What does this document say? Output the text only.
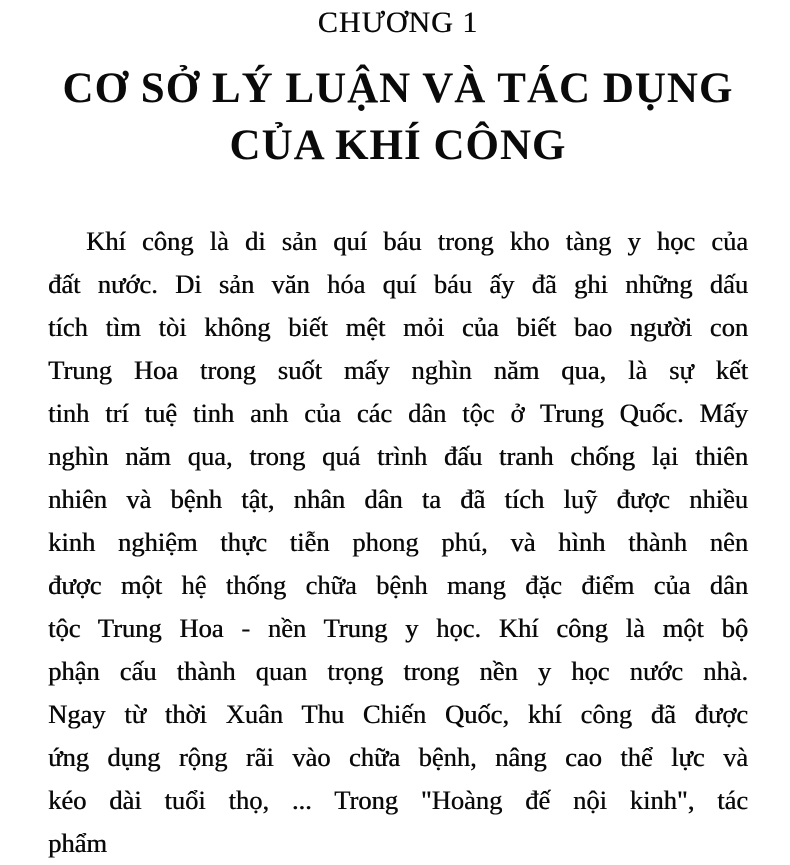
CHƯƠNG 1
CƠ SỞ LÝ LUẬN VÀ TÁC DỤNG
CỦA KHÍ CÔNG
Khí công là di sản quí báu trong kho tàng y học của
đất nước. Di sản văn hóa quí báu ấy đã ghi những dấu
tích tìm tòi không biết mệt mỏi của biết bao người con
Trung Hoa trong suốt mấy nghìn năm qua, là sự kết
tinh trí tuệ tinh anh của các dân tộc ở Trung Quốc. Mấy
nghìn năm qua, trong quá trình đấu tranh chống lại thiên
nhiên và bệnh tật, nhân dân ta đã tích luỹ được nhiều
kinh nghiệm thực tiễn phong phú, và hình thành nên
được một hệ thống chữa bệnh mang đặc điểm của dân
tộc Trung Hoa - nền Trung y học. Khí công là một bộ
phận cấu thành quan trọng trong nền y học nước nhà.
Ngay từ thời Xuân Thu Chiến Quốc, khí công đã được
ứng dụng rộng rãi vào chữa bệnh, nâng cao thể lực và
kéo dài tuổi thọ, ... Trong "Hoàng đế nội kinh", tác
phẩm
